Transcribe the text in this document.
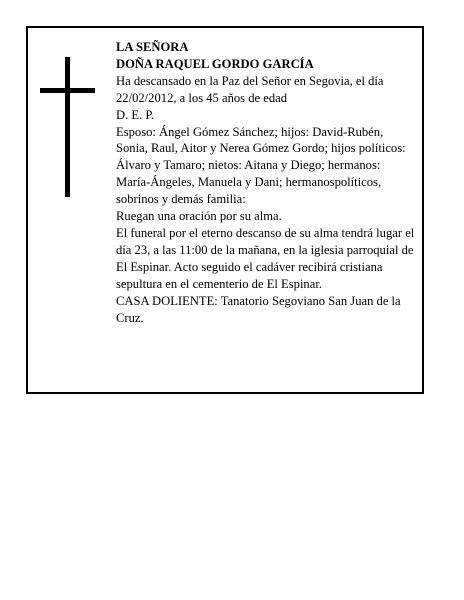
LA SEÑORA

DOÑA RAQUEL GORDO GARCÍA

Ha descansado en la Paz del Señor en Segovia, el día 22/02/2012, a los 45 años de edad

D. E. P.

Esposo: Ángel Gómez Sánchez; hijos: David-Rubén, Sonia, Raul, Aitor y Nerea Gómez Gordo; hijos políticos: Álvaro y Tamaro; nietos: Aitana y Diego; hermanos: María-Ángeles, Manuela y Dani; hermanospolíticos, sobrinos y demás familia:

Ruegan una oración por su alma.

El funeral por el eterno descanso de su alma tendrá lugar el día 23, a las 11:00 de la mañana, en la iglesia parroquial de El Espinar. Acto seguido el cadáver recibirá cristiana sepultura en el cementerio de El Espinar.

CASA DOLIENTE: Tanatorio Segoviano San Juan de la Cruz.
